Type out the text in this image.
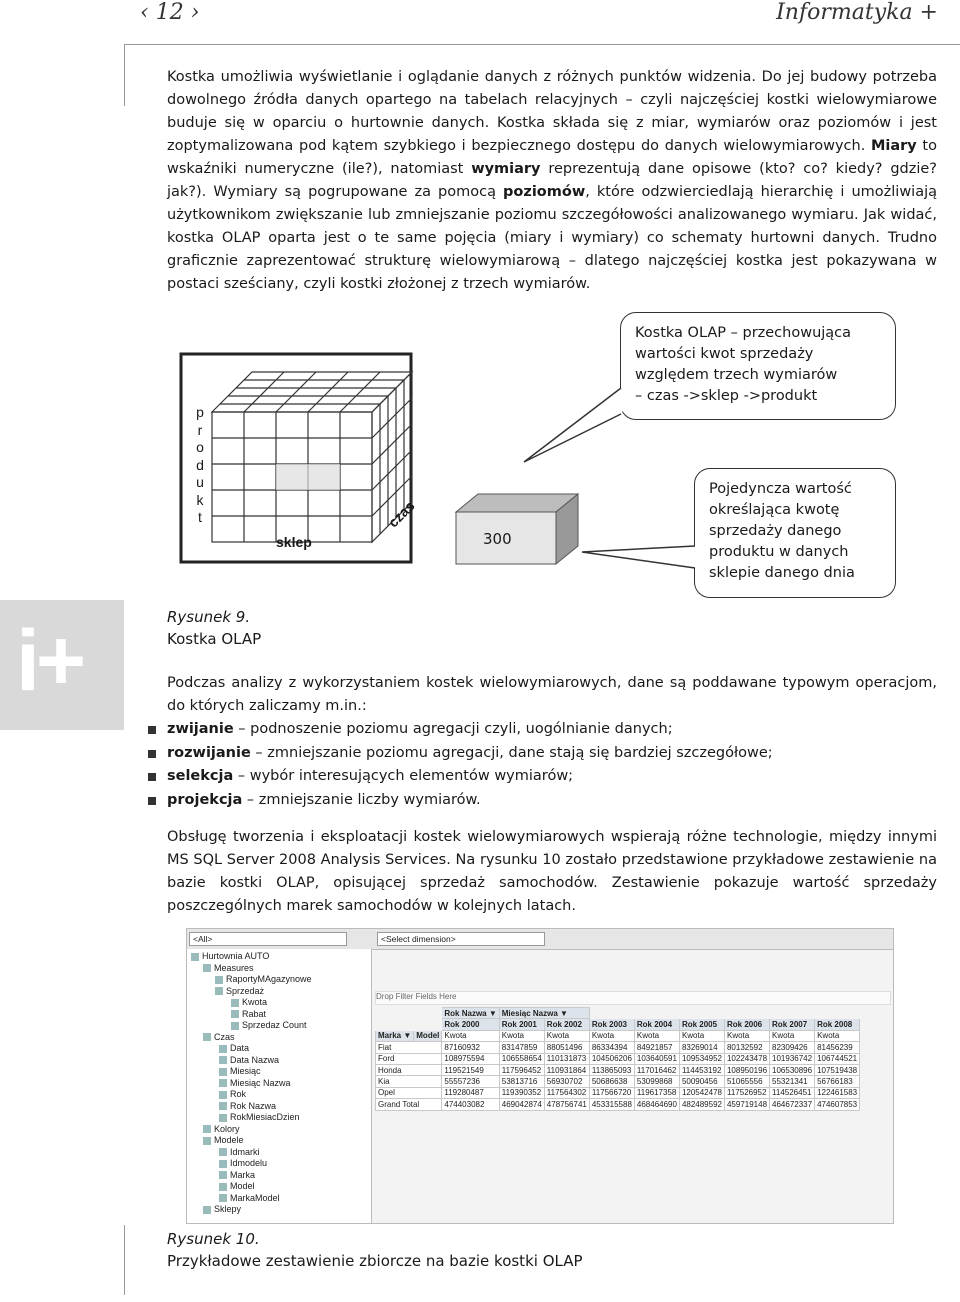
‹ 12 ›	Informatyka +
i+
Kostka umożliwia wyświetlanie i oglądanie danych z różnych punktów widzenia. Do jej budowy potrzeba dowolnego źródła danych opartego na tabelach relacyjnych – czyli najczęściej kostki wielowymiarowe buduje się w oparciu o hurtownie danych. Kostka składa się z miar, wymiarów oraz poziomów i jest zoptymalizowana pod kątem szybkiego i bezpiecznego dostępu do danych wielowymiarowych. Miary to wskaźniki numeryczne (ile?), natomiast wymiary reprezentują dane opisowe (kto? co? kiedy? gdzie? jak?). Wymiary są pogrupowane za pomocą poziomów, które odzwierciedlają hierarchię i umożliwiają użytkownikom zwiększanie lub zmniejszanie poziomu szczegółowości analizowanego wymiaru. Jak widać, kostka OLAP oparta jest o te same pojęcia (miary i wymiary) co schematy hurtowni danych. Trudno graficznie zaprezentować strukturę wielowymiarową – dlatego najczęściej kostka jest pokazywana w postaci sześciany, czyli kostki złożonej z trzech wymiarów.
p
r
o
d
u
k
t
sklep
czas
300
Kostka OLAP – przechowująca
wartości kwot sprzedaży
względem trzech wymiarów
– czas ->sklep ->produkt
Pojedyncza wartość
określająca kwotę
sprzedaży danego
produktu w danych
sklepie danego dnia
Rysunek 9.
Kostka OLAP
Podczas analizy z wykorzystaniem kostek wielowymiarowych, dane są poddawane typowym operacjom, do których zaliczamy m.in.:
zwijanie – podnoszenie poziomu agregacji czyli, uogólnianie danych;
rozwijanie – zmniejszanie poziomu agregacji, dane stają się bardziej szczegółowe;
selekcja – wybór interesujących elementów wymiarów;
projekcja – zmniejszanie liczby wymiarów.
Obsługę tworzenia i eksploatacji kostek wielowymiarowych wspierają różne technologie, między innymi MS SQL Server 2008 Analysis Services. Na rysunku 10 zostało przedstawione przykładowe zestawienie na bazie kostki OLAP, opisującej sprzedaż samochodów. Zestawienie pokazuje wartość sprzedaży poszczególnych marek samochodów w kolejnych latach.
<All>	<Select dimension>
Hurtownia AUTO
Measures
RaportyMAgazynowe
Sprzedaż
Kwota
Rabat
Sprzedaz Count
Czas
Data
Data Nazwa
Miesiąc
Miesiąc Nazwa
Rok
Rok Nazwa
RokMiesiacDzien
Kolory
Modele
Idmarki
Idmodelu
Marka
Model
MarkaModel
Sklepy
Drop Filter Fields Here
		Rok Nazwa ▼	Miesiąc Nazwa ▼							
		Rok 2000	Rok 2001	Rok 2002	Rok 2003	Rok 2004	Rok 2005	Rok 2006	Rok 2007	Rok 2008
Marka ▼	Model	Kwota	Kwota	Kwota	Kwota	Kwota	Kwota	Kwota	Kwota	Kwota
Fiat		87160932	83147859	88051496	86334394	84921857	83269014	80132592	82309426	81456239
Ford		108975594	106558654	110131873	104506206	103640591	109534952	102243478	101936742	106744521
Honda		119521549	117596452	110931864	113865093	117016462	114453192	108950196	106530896	107519438
Kia		55557236	53813716	56930702	50686638	53099868	50090456	51065556	55321341	56766183
Opel		119280487	119390352	117564302	117566720	119617358	120542478	117526952	114526451	122461583
Grand Total		474403082	469042874	478756741	453315588	468464690	482489592	459719148	464672337	474607853
Rysunek 10.
Przykładowe zestawienie zbiorcze na bazie kostki OLAP
